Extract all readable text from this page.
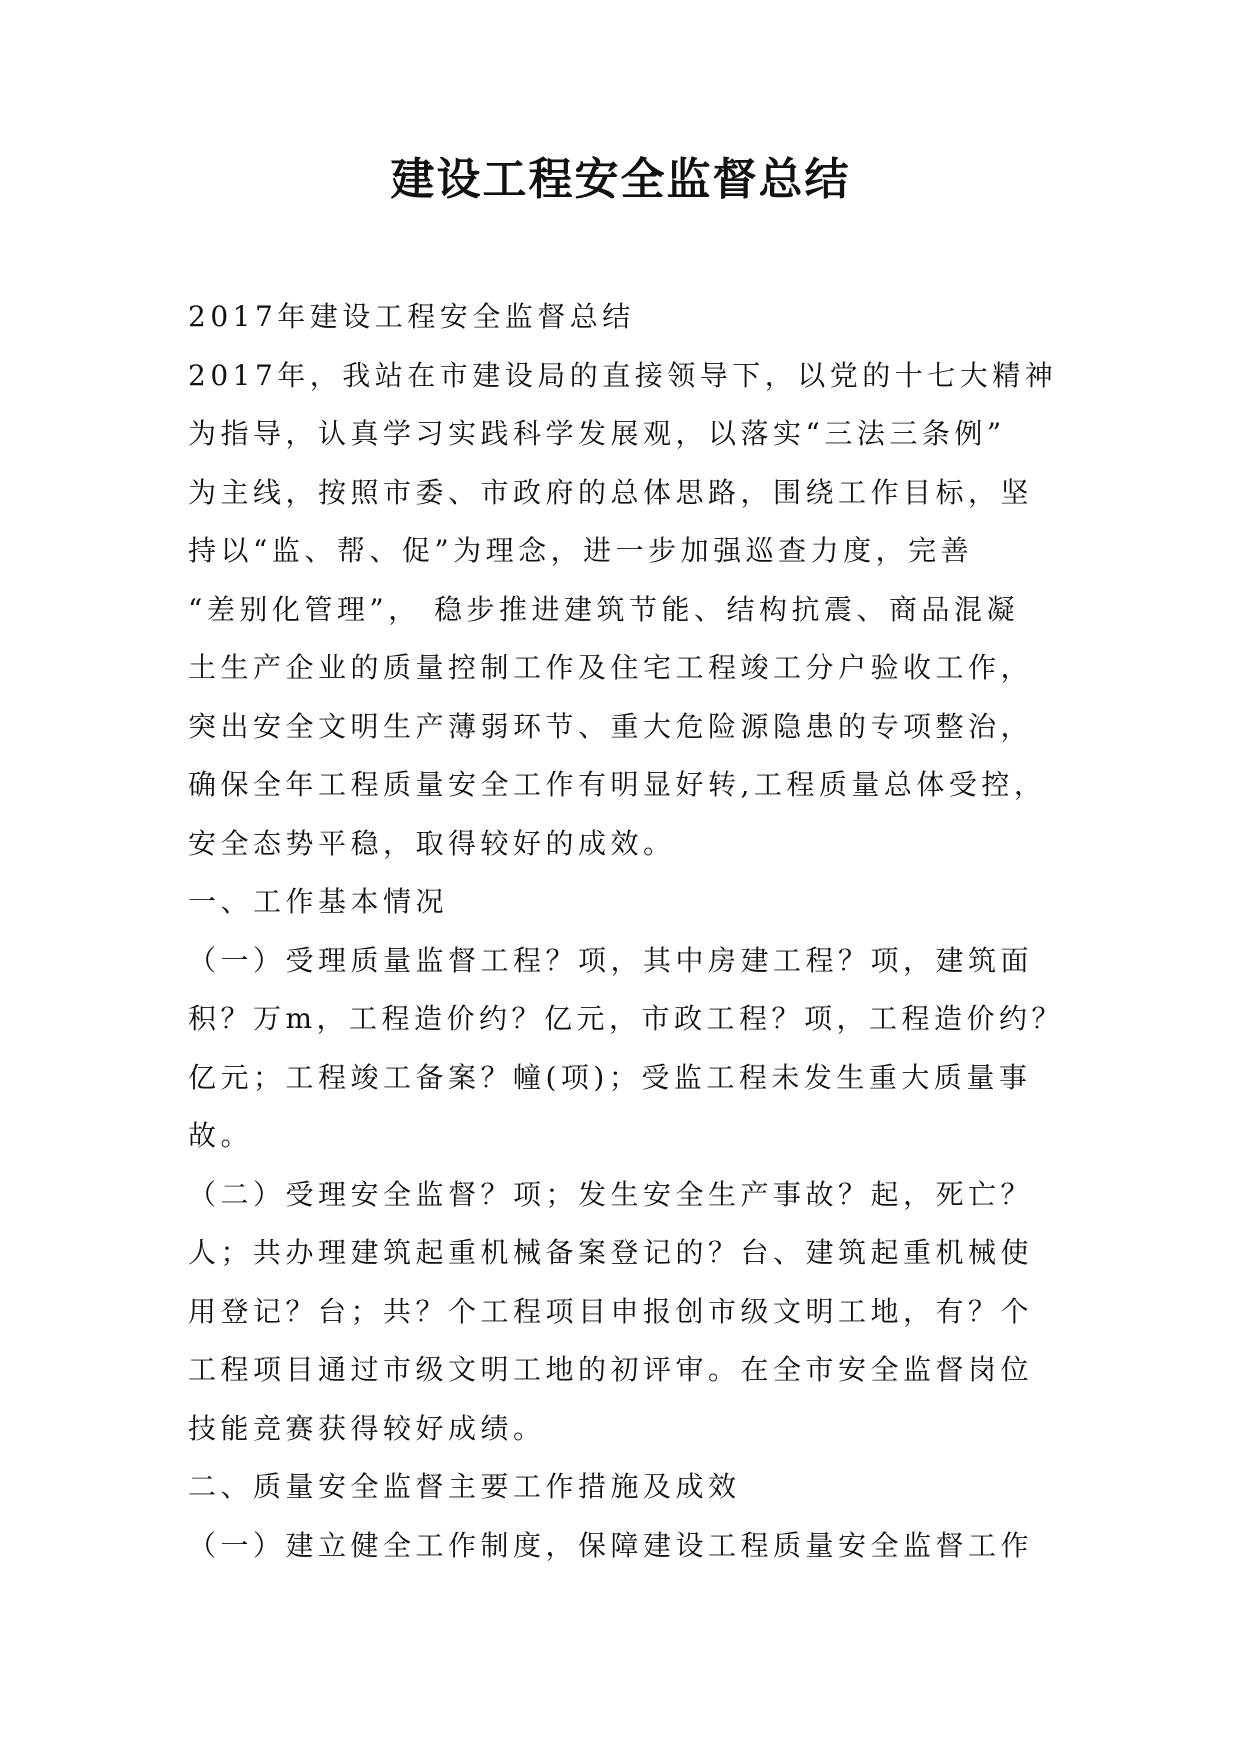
建设工程安全监督总结
2017年建设工程安全监督总结
2017年，我站在市建设局的直接领导下，以党的十七大精神
为指导，认真学习实践科学发展观，以落实“三法三条例”
为主线，按照市委、市政府的总体思路，围绕工作目标，坚
持以“监、帮、促”为理念，进一步加强巡查力度，完善
“差别化管理”， 稳步推进建筑节能、结构抗震、商品混凝
土生产企业的质量控制工作及住宅工程竣工分户验收工作，
突出安全文明生产薄弱环节、重大危险源隐患的专项整治，
确保全年工程质量安全工作有明显好转,工程质量总体受控，
安全态势平稳，取得较好的成效。
一、工作基本情况
（一）受理质量监督工程？项，其中房建工程？项，建筑面
积？万m，工程造价约？亿元，市政工程？项，工程造价约？
亿元；工程竣工备案？幢(项)；受监工程未发生重大质量事
故。
（二）受理安全监督？项；发生安全生产事故？起，死亡？
人；共办理建筑起重机械备案登记的？台、建筑起重机械使
用登记？台；共？个工程项目申报创市级文明工地，有？个
工程项目通过市级文明工地的初评审。在全市安全监督岗位
技能竞赛获得较好成绩。
二、质量安全监督主要工作措施及成效
（一）建立健全工作制度，保障建设工程质量安全监督工作
